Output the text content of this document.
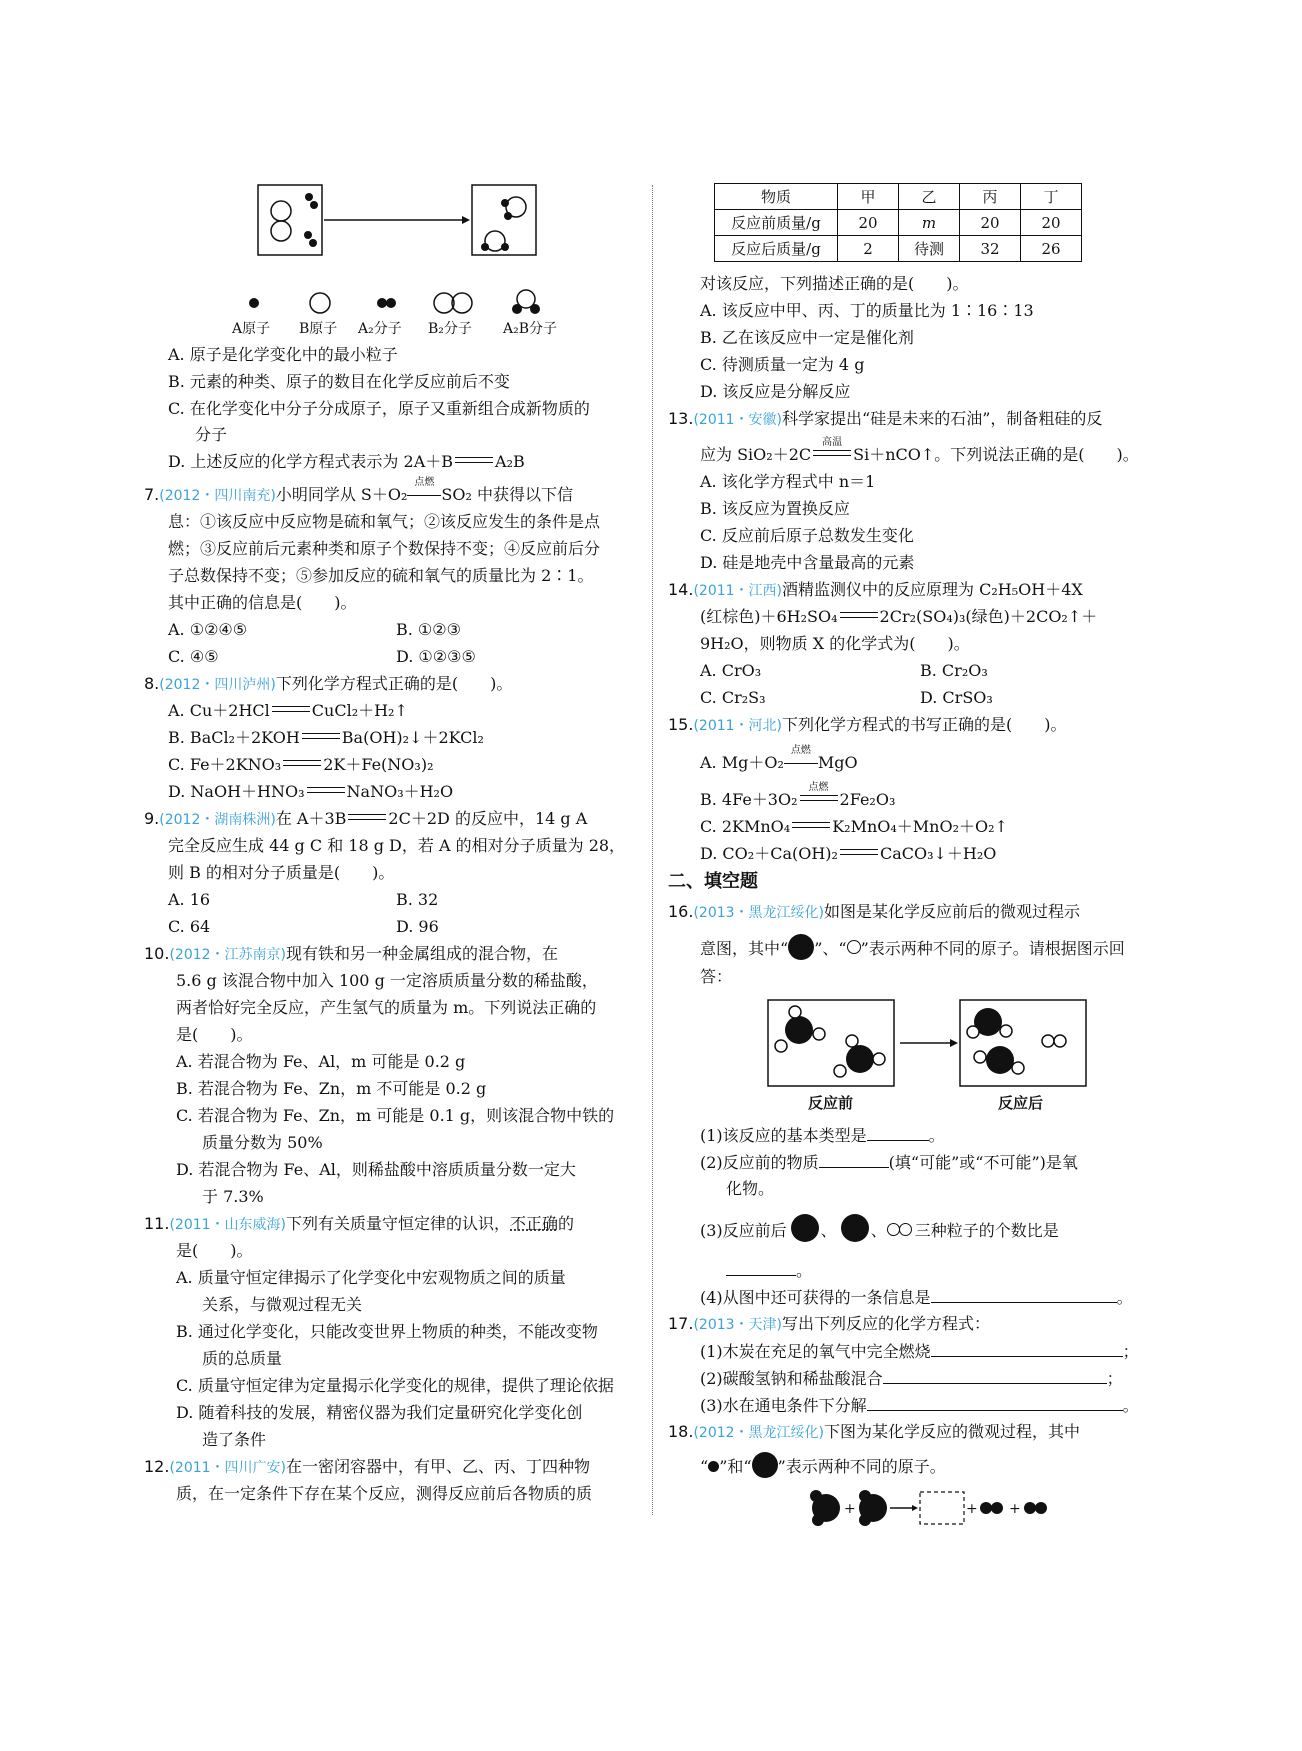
A原子 B原子 A₂分子 B₂分子 A₂B分子
A. 原子是化学变化中的最小粒子
B. 元素的种类、原子的数目在化学反应前后不变
C. 在化学变化中分子分成原子，原子又重新组合成新物质的
分子
D. 上述反应的化学方程式表示为 2A＋B	A₂B
7.(2012・四川南充)小明同学从 S＋O₂
点燃
SO₂ 中获得以下信
息：①该反应中反应物是硫和氧气；②该反应发生的条件是点
燃；③反应前后元素种类和原子个数保持不变；④反应前后分
子总数保持不变；⑤参加反应的硫和氧气的质量比为 2∶1。
其中正确的信息是(　　)。
A. ①②④⑤	B. ①②③
C. ④⑤	D. ①②③⑤
8.(2012・四川泸州)下列化学方程式正确的是(　　)。
A. Cu＋2HCl	CuCl₂＋H₂↑
B. BaCl₂＋2KOH	Ba(OH)₂↓＋2KCl₂
C. Fe＋2KNO₃	2K＋Fe(NO₃)₂
D. NaOH＋HNO₃	NaNO₃＋H₂O
9.(2012・湖南株洲)在 A＋3B	2C＋2D 的反应中，14 g A
完全反应生成 44 g C 和 18 g D，若 A 的相对分子质量为 28，
则 B 的相对分子质量是(　　)。
A. 16	B. 32
C. 64	D. 96
10.(2012・江苏南京)现有铁和另一种金属组成的混合物，在
5.6 g 该混合物中加入 100 g 一定溶质质量分数的稀盐酸，
两者恰好完全反应，产生氢气的质量为 m。下列说法正确的
是(　　)。
A. 若混合物为 Fe、Al，m 可能是 0.2 g
B. 若混合物为 Fe、Zn，m 不可能是 0.2 g
C. 若混合物为 Fe、Zn，m 可能是 0.1 g，则该混合物中铁的
质量分数为 50%
D. 若混合物为 Fe、Al，则稀盐酸中溶质质量分数一定大
于 7.3%
11.(2011・山东威海)下列有关质量守恒定律的认识，不正确的
是(　　)。
A. 质量守恒定律揭示了化学变化中宏观物质之间的质量
关系，与微观过程无关
B. 通过化学变化，只能改变世界上物质的种类，不能改变物
质的总质量
C. 质量守恒定律为定量揭示化学变化的规律，提供了理论依据
D. 随着科技的发展，精密仪器为我们定量研究化学变化创
造了条件
12.(2011・四川广安)在一密闭容器中，有甲、乙、丙、丁四种物
质，在一定条件下存在某个反应，测得反应前后各物质的质
物质	甲	乙	丙	丁
反应前质量/g	20	m	20	20
反应后质量/g	2	待测	32	26
对该反应，下列描述正确的是(　　)。
A. 该反应中甲、丙、丁的质量比为 1∶16∶13
B. 乙在该反应中一定是催化剂
C. 待测质量一定为 4 g
D. 该反应是分解反应
13.(2011・安徽)科学家提出“硅是未来的石油”，制备粗硅的反
应为 SiO₂＋2C
高温
Si＋nCO↑。下列说法正确的是(　　)。
A. 该化学方程式中 n＝1
B. 该反应为置换反应
C. 反应前后原子总数发生变化
D. 硅是地壳中含量最高的元素
14.(2011・江西)酒精监测仪中的反应原理为 C₂H₅OH＋4X
(红棕色)＋6H₂SO₄	2Cr₂(SO₄)₃(绿色)＋2CO₂↑＋
9H₂O，则物质 X 的化学式为(　　)。
A. CrO₃	B. Cr₂O₃
C. Cr₂S₃	D. CrSO₃
15.(2011・河北)下列化学方程式的书写正确的是(　　)。
A. Mg＋O₂
点燃
MgO
B. 4Fe＋3O₂
点燃
2Fe₂O₃
C. 2KMnO₄	K₂MnO₄＋MnO₂＋O₂↑
D. CO₂＋Ca(OH)₂	CaCO₃↓＋H₂O
二、填空题
16.(2013・黑龙江绥化)如图是某化学反应前后的微观过程示
意图，其中“ ”、“ ”表示两种不同的原子。请根据图示回
答：
反应前	反应后
(1)该反应的基本类型是	。
(2)反应前的物质	(填“可能”或“不可能”)是氧
化物。
(3)反应前后 、 、 三种粒子的个数比是
。
(4)从图中还可获得的一条信息是	。
17.(2013・天津)写出下列反应的化学方程式：
(1)木炭在充足的氧气中完全燃烧	；
(2)碳酸氢钠和稀盐酸混合	；
(3)水在通电条件下分解	。
18.(2012・黑龙江绥化)下图为某化学反应的微观过程，其中
“ ”和“ ”表示两种不同的原子。
+	+ +
